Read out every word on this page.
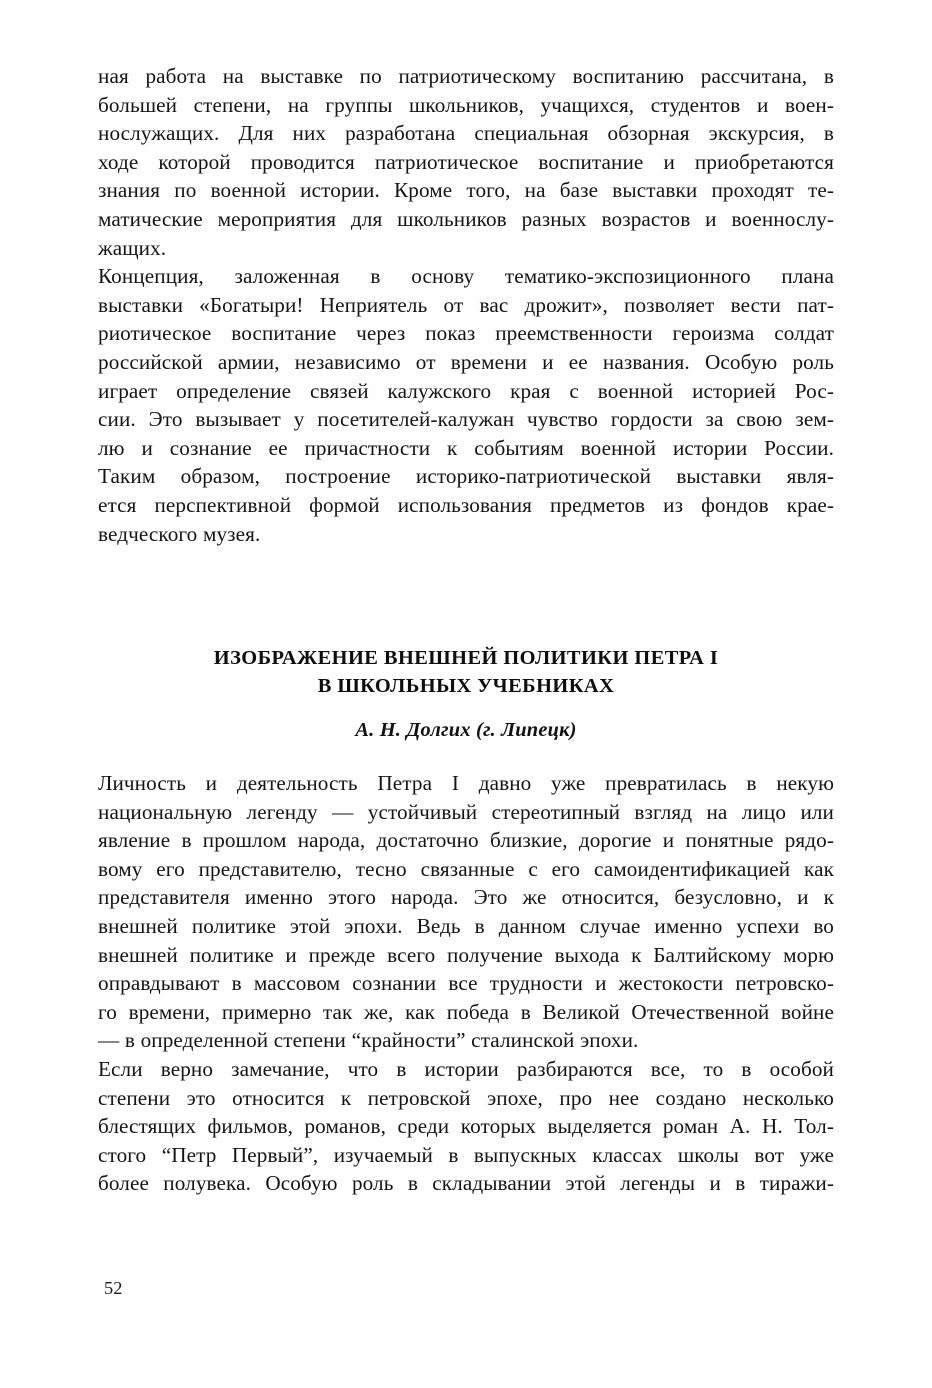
ная работа на выставке по патриотическому воспитанию рассчитана, в
большей степени, на группы школьников, учащихся, студентов и воен-
нослужащих. Для них разработана специальная обзорная экскурсия, в
ходе которой проводится патриотическое воспитание и приобретаются
знания по военной истории. Кроме того, на базе выставки проходят те-
матические мероприятия для школьников разных возрастов и военнослу-
жащих.
Концепция, заложенная в основу тематико-экспозиционного плана
выставки «Богатыри! Неприятель от вас дрожит», позволяет вести пат-
риотическое воспитание через показ преемственности героизма солдат
российской армии, независимо от времени и ее названия. Особую роль
играет определение связей калужского края с военной историей Рос-
сии. Это вызывает у посетителей-калужан чувство гордости за свою зем-
лю и сознание ее причастности к событиям военной истории России.
Таким образом, построение историко-патриотической выставки явля-
ется перспективной формой использования предметов из фондов крае-
ведческого музея.
ИЗОБРАЖЕНИЕ ВНЕШНЕЙ ПОЛИТИКИ ПЕТРА I
В ШКОЛЬНЫХ УЧЕБНИКАХ
А. Н. Долгих (г. Липецк)
Личность и деятельность Петра I давно уже превратилась в некую
национальную легенду — устойчивый стереотипный взгляд на лицо или
явление в прошлом народа, достаточно близкие, дорогие и понятные рядо-
вому его представителю, тесно связанные с его самоидентификацией как
представителя именно этого народа. Это же относится, безусловно, и к
внешней политике этой эпохи. Ведь в данном случае именно успехи во
внешней политике и прежде всего получение выхода к Балтийскому морю
оправдывают в массовом сознании все трудности и жестокости петровско-
го времени, примерно так же, как победа в Великой Отечественной войне
— в определенной степени “крайности” сталинской эпохи.
Если верно замечание, что в истории разбираются все, то в особой
степени это относится к петровской эпохе, про нее создано несколько
блестящих фильмов, романов, среди которых выделяется роман А. Н. Тол-
стого “Петр Первый”, изучаемый в выпускных классах школы вот уже
более полувека. Особую роль в складывании этой легенды и в тиражи-
52
